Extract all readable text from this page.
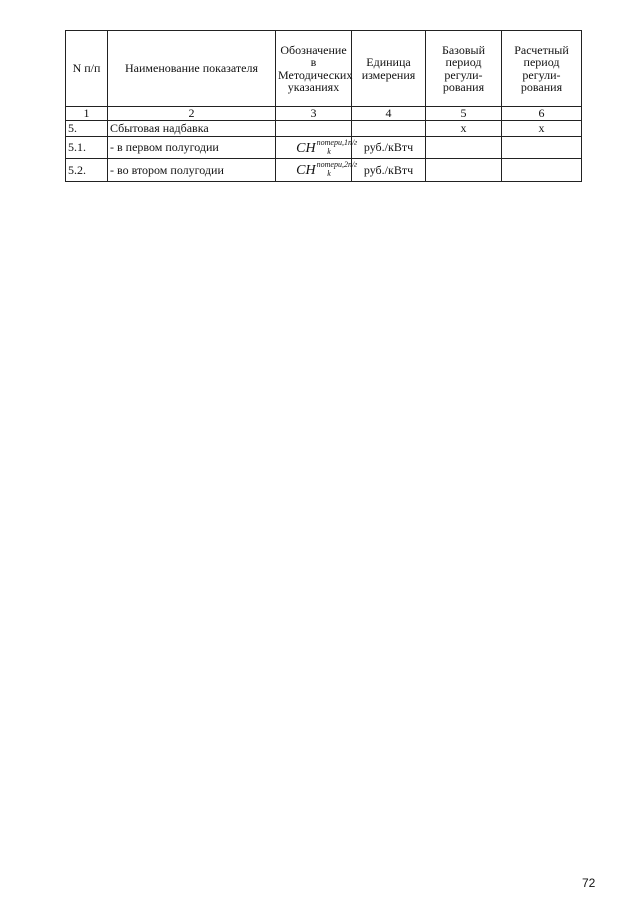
N п/п	Наименование показателя	Обозначение в Методических указаниях	Единица измерения	Базовый период регули-рования	Расчетный период регули-рования
1	2	3	4	5	6
5.	Сбытовая надбавка			x	x
5.1.	- в первом полугодии	$СН^{потери,1п/г}_k$	руб./кВтч		
5.2.	- во втором полугодии	$СН^{потери,2п/г}_k$	руб./кВтч		
72
